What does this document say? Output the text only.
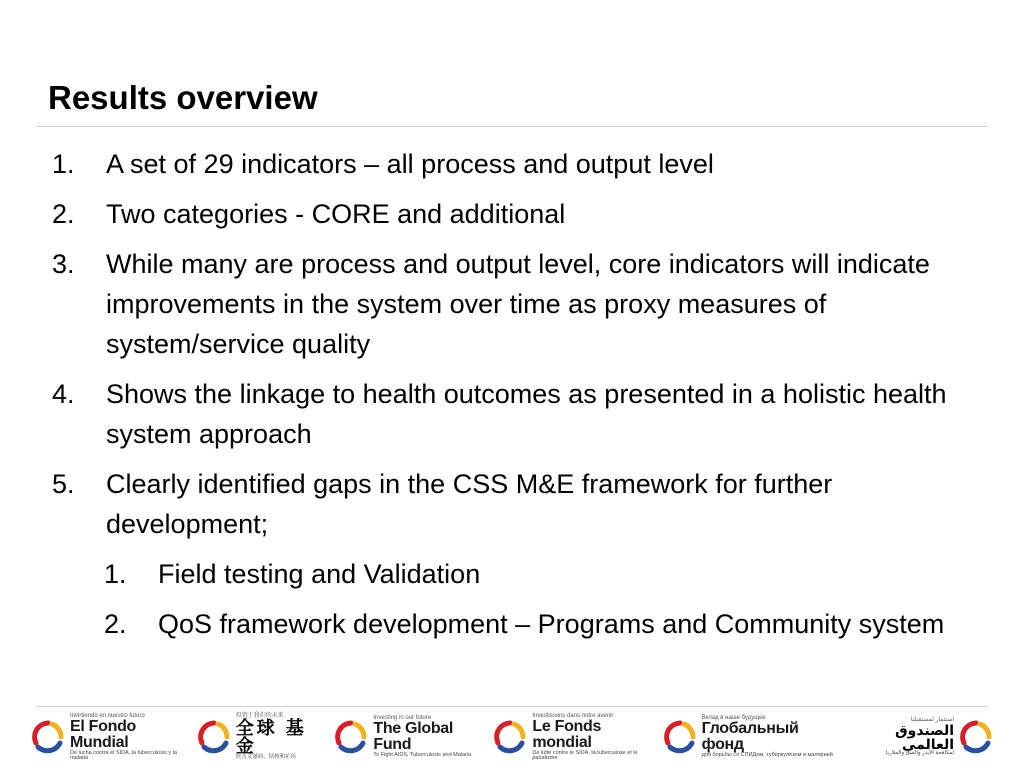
Results overview
1.	A set of 29 indicators – all process and output level
2.	Two categories - CORE and additional
3.	While many are process and output level, core indicators will indicate improvements in the system over time as proxy measures of system/service quality
4.	Shows the linkage to health outcomes as presented in a holistic health system approach
5.	Clearly identified gaps in the CSS M&E framework for further development;
1.	Field testing and Validation
2.	QoS framework development – Programs and Community system
Invirtiendo en nuestro futuro
El Fondo Mundial
De lucha contra el SIDA, la tuberculosis y la malaria
投资于我们的未来
全球 基 金
抗击艾滋病、结核和疟疾
Investing in our future
The Global Fund
To Fight AIDS, Tuberculosis and Malaria
Investissons dans notre avenir
Le Fonds mondial
De lutte contre le SIDA, la tuberculose et le paludisme
Вклад в наше будущее
Глобальный фонд
для борьбы со СПИДом, туберкулезом и малярией
استثمار لمستقبلنا
الصندوق العالمي
لمكافحة الأيدز والسل والملاريا
